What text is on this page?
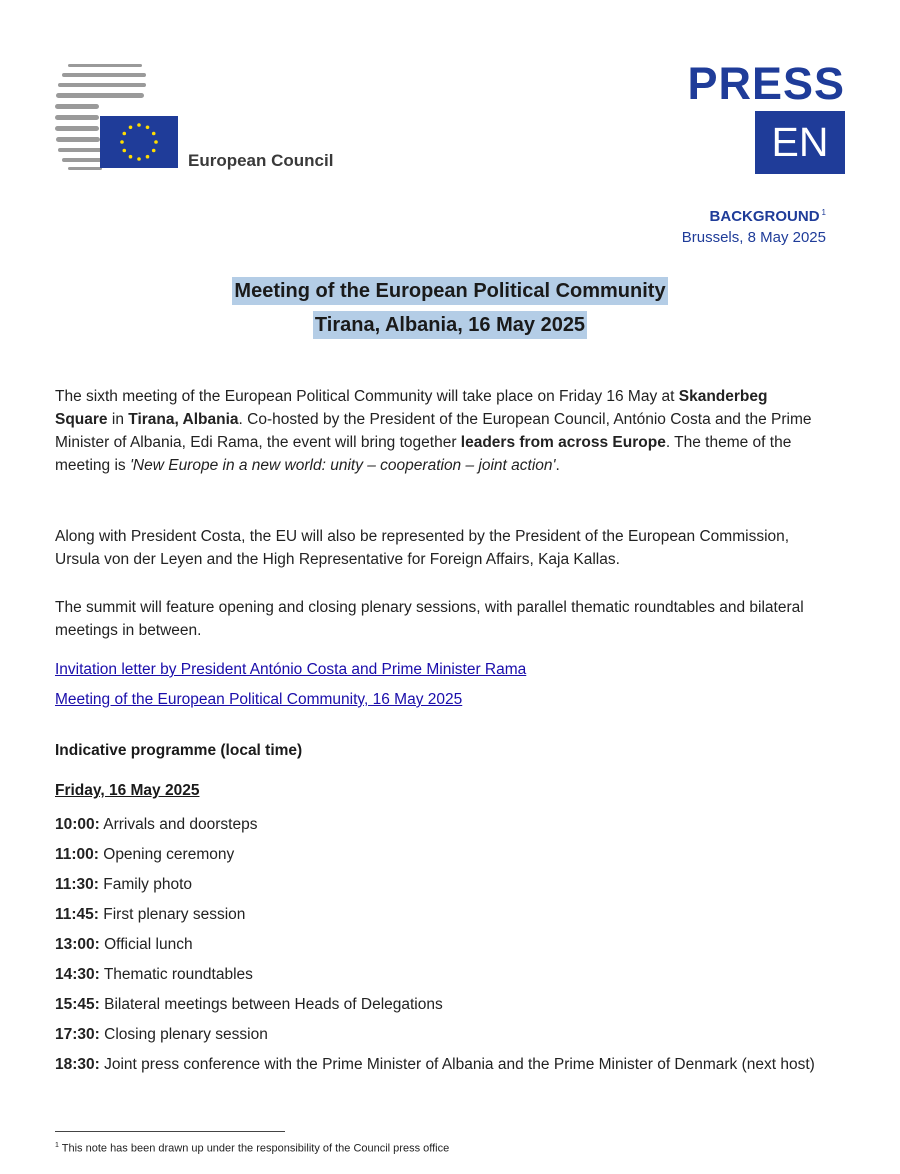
European Council
PRESS
EN
BACKGROUND $^1$
Brussels, 8 May 2025
Meeting of the European Political Community
Tirana, Albania, 16 May 2025
The sixth meeting of the European Political Community will take place on Friday 16 May at Skanderbeg Square in Tirana, Albania. Co-hosted by the President of the European Council, António Costa and the Prime Minister of Albania, Edi Rama, the event will bring together leaders from across Europe. The theme of the meeting is 'New Europe in a new world: unity – cooperation – joint action'.
Along with President Costa, the EU will also be represented by the President of the European Commission, Ursula von der Leyen and the High Representative for Foreign Affairs, Kaja Kallas.
The summit will feature opening and closing plenary sessions, with parallel thematic roundtables and bilateral meetings in between.
Invitation letter by President António Costa and Prime Minister Rama
Meeting of the European Political Community, 16 May 2025
Indicative programme (local time)
Friday, 16 May 2025
10:00: Arrivals and doorsteps
11:00: Opening ceremony
11:30: Family photo
11:45: First plenary session
13:00: Official lunch
14:30: Thematic roundtables
15:45: Bilateral meetings between Heads of Delegations
17:30: Closing plenary session
18:30: Joint press conference with the Prime Minister of Albania and the Prime Minister of Denmark (next host)
$^1$ This note has been drawn up under the responsibility of the Council press office
